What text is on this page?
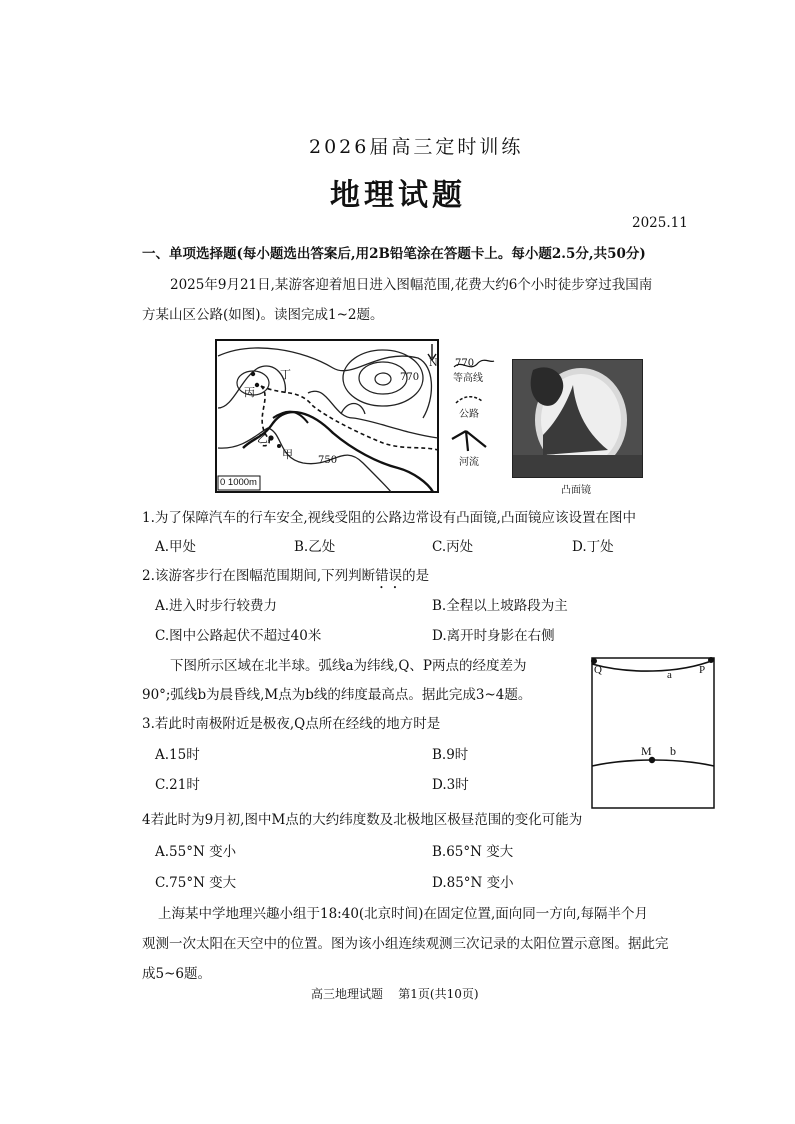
2026届高三定时训练
地理试题
2025.11
一、单项选择题(每小题选出答案后,用2B铅笔涂在答题卡上。每小题2.5分,共50分)
2025年9月21日,某游客迎着旭日进入图幅范围,花费大约6个小时徒步穿过我国南
方某山区公路(如图)。读图完成1~2题。
丁
丙
乙
甲
770
750
N
0 1000m
770
等高线
公路
河流
凸面镜
1.为了保障汽车的行车安全,视线受阻的公路边常设有凸面镜,凸面镜应该设置在图中
A.甲处	B.乙处	C.丙处	D.丁处
2.该游客步行在图幅范围期间,下列判断错误的是
A.进入时步行较费力	B.全程以上坡路段为主
C.图中公路起伏不超过40米	D.离开时身影在右侧
下图所示区域在北半球。弧线a为纬线,Q、P两点的经度差为
90°;弧线b为晨昏线,M点为b线的纬度最高点。据此完成3~4题。
Q	P
a
M b
3.若此时南极附近是极夜,Q点所在经线的地方时是
A.15时	B.9时
C.21时	D.3时
4若此时为9月初,图中M点的大约纬度数及北极地区极昼范围的变化可能为
A.55°N 变小	B.65°N 变大
C.75°N 变大	D.85°N 变小
上海某中学地理兴趣小组于18:40(北京时间)在固定位置,面向同一方向,每隔半个月
观测一次太阳在天空中的位置。图为该小组连续观测三次记录的太阳位置示意图。据此完
成5~6题。
高三地理试题    第1页(共10页)
